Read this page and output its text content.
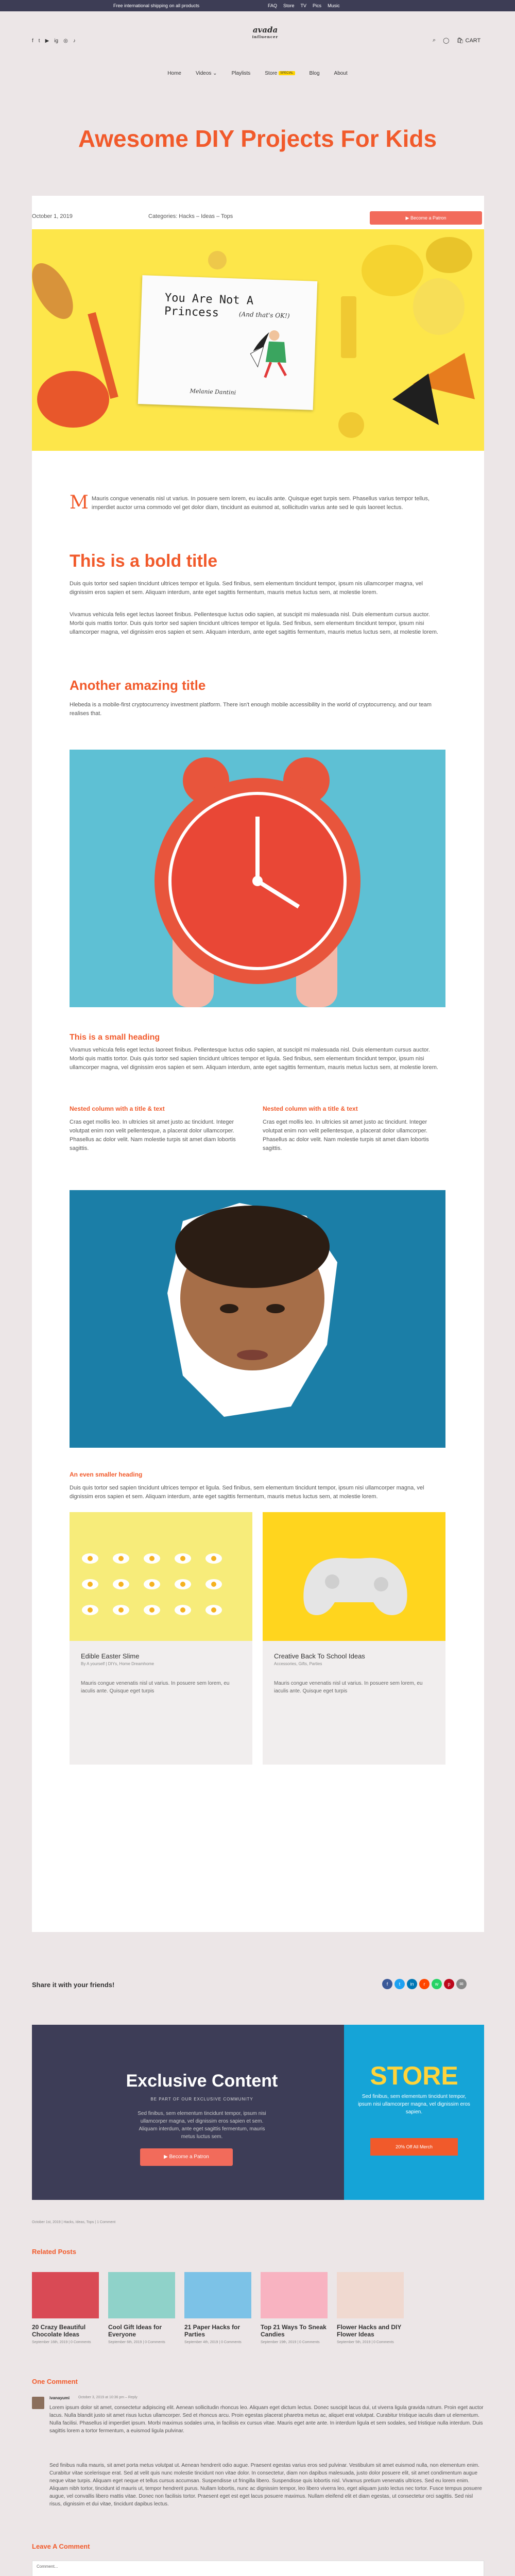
Free international shipping on all products	FAQ Store TV Pics Music
f t ▶ ig ◎ ♪
avada
influencer
⌕ ◯ 🛍 CART
Home	Videos ⌄	Playlists	Store SPECIAL	Blog	About
Awesome DIY Projects For Kids
October 1, 2019	Categories: Hacks – Ideas – Tops	▶ Become a Patron
You Are Not A Princess	(And that's OK!)
Melanie Dantini
M Mauris congue venenatis nisl ut varius. In posuere sem lorem, eu iaculis ante. Quisque eget turpis sem. Phasellus varius tempor tellus, imperdiet auctor urna commodo vel get dolor diam, tincidunt as euismod at, sollicitudin varius ante sed le quis laoreet lectus.
This is a bold title

Duis quis tortor sed sapien tincidunt ultrices tempor et ligula. Sed finibus, sem elementum tincidunt tempor, ipsum nis ullamcorper magna, vel dignissim eros sapien et sem. Aliquam interdum, ante eget sagittis fermentum, mauris metus luctus sem, at molestie lorem.

Vivamus vehicula felis eget lectus laoreet finibus. Pellentesque luctus odio sapien, at suscipit mi malesuada nisl. Duis elementum cursus auctor. Morbi quis mattis tortor. Duis quis tortor sed sapien tincidunt ultrices tempor et ligula. Sed finibus, sem elementum tincidunt tempor, ipsum nisi ullamcorper magna, vel dignissim eros sapien et sem. Aliquam interdum, ante eget sagittis fermentum, mauris metus luctus sem, at molestie lorem.

Another amazing title

Hlebeda is a mobile-first cryptocurrency investment platform. There isn't enough mobile accessibility in the world of cryptocurrency, and our team realises that.

This is a small heading

Vivamus vehicula felis eget lectus laoreet finibus. Pellentesque luctus odio sapien, at suscipit mi malesuada nisl. Duis elementum cursus auctor. Morbi quis mattis tortor. Duis quis tortor sed sapien tincidunt ultrices tempor et ligula. Sed finibus, sem elementum tincidunt tempor, ipsum nisi ullamcorper magna, vel dignissim eros sapien et sem. Aliquam interdum, ante eget sagittis fermentum, mauris metus luctus sem, at molestie lorem.

Nested column with a title & text

Cras eget mollis leo. In ultricies sit amet justo ac tincidunt. Integer volutpat enim non velit pellentesque, a placerat dolor ullamcorper. Phasellus ac dolor velit. Nam molestie turpis sit amet diam lobortis sagittis.

Nested column with a title & text

Cras eget mollis leo. In ultricies sit amet justo ac tincidunt. Integer volutpat enim non velit pellentesque, a placerat dolor ullamcorper. Phasellus ac dolor velit. Nam molestie turpis sit amet diam lobortis sagittis.

An even smaller heading

Duis quis tortor sed sapien tincidunt ultrices tempor et ligula. Sed finibus, sem elementum tincidunt tempor, ipsum nisi ullamcorper magna, vel dignissim eros sapien et sem. Aliquam interdum, ante eget sagittis fermentum, mauris metus luctus sem, at molestie lorem.

Edible Easter Slime
By A yourself | DIYs, Home Dreamhome
Mauris congue venenatis nisl ut varius. In posuere sem lorem, eu iaculis ante. Quisque eget turpis
Creative Back To School Ideas
Accessories, Gifts, Parties
Mauris congue venenatis nisl ut varius. In posuere sem lorem, eu iaculis ante. Quisque eget turpis
Share it with your friends!	f	t	in	r	w	p	✉
Exclusive Content
BE PART OF OUR EXCLUSIVE COMMUNITY
Sed finibus, sem elementum tincidunt tempor, ipsum nisi ullamcorper magna, vel dignissim eros sapien et sem. Aliquam interdum, ante eget sagittis fermentum, mauris metus luctus sem.
▶ Become a Patron
STORE
Sed finibus, sem elementum tincidunt tempor, ipsum nisi ullamcorper magna, vel dignissim eros sapien.
20% Off All Merch
October 1st, 2019 | Hacks, Ideas, Tops | 1 Comment
Related Posts
20 Crazy Beautiful Chocolate Ideas
September 16th, 2019 | 0 Comments
Cool Gift Ideas for Everyone
September 6th, 2019 | 0 Comments
21 Paper Hacks for Parties
September 4th, 2019 | 0 Comments
Top 21 Ways To Sneak Candies
September 19th, 2019 | 0 Comments
Flower Hacks and DIY Flower Ideas
September 5th, 2019 | 0 Comments
One Comment
ivanayumi October 3, 2019 at 10:36 pm – Reply

Lorem ipsum dolor sit amet, consectetur adipiscing elit. Aenean sollicitudin rhoncus leo. Aliquam eget dictum lectus. Donec suscipit lacus dui, ut viverra ligula gravida rutrum. Proin eget auctor lacus. Nulla blandit justo sit amet risus luctus ullamcorper. Sed et rhoncus arcu. Proin egestas placerat pharetra metus ac, aliquet erat volutpat. Curabitur tristique iaculis diam ut elementum. Nulla facilisi. Phasellus id imperdiet ipsum. Morbi maximus sodales urna, in facilisis ex cursus vitae. Mauris eget ante ante. In interdum ligula et sem sodales, sed tristique nulla interdum. Duis sagittis lorem a tortor fermentum, a euismod ligula pulvinar.

Sed finibus nulla mauris, sit amet porta metus volutpat ut. Aenean hendrerit odio augue. Praesent egestas varius eros sed pulvinar. Vestibulum sit amet euismod nulla, non elementum enim. Curabitur vitae scelerisque erat. Sed at velit quis nunc molestie tincidunt non vitae dolor. In consectetur, diam non dapibus malesuada, justo dolor posuere elit, sit amet condimentum augue neque vitae turpis. Aliquam eget neque et tellus cursus accumsan. Suspendisse ut fringilla libero. Suspendisse quis lobortis nisl. Vivamus pretium venenatis ultrices. Sed eu lorem enim. Aliquam nibh tortor, tincidunt id mauris ut, tempor hendrerit purus. Nullam lobortis, nunc ac dignissim tempor, leo libero viverra leo, eget aliquam justo lectus nec tortor. Fusce tempus posuere augue, vel convallis libero mattis vitae. Donec non facilisis tortor. Praesent eget est eget lacus posuere maximus. Nullam eleifend elit et diam egestas, ut consectetur orci sagittis. Sed nisl risus, dignissim et dui vitae, tincidunt dapibus lectus.

Leave A Comment
Comment...
